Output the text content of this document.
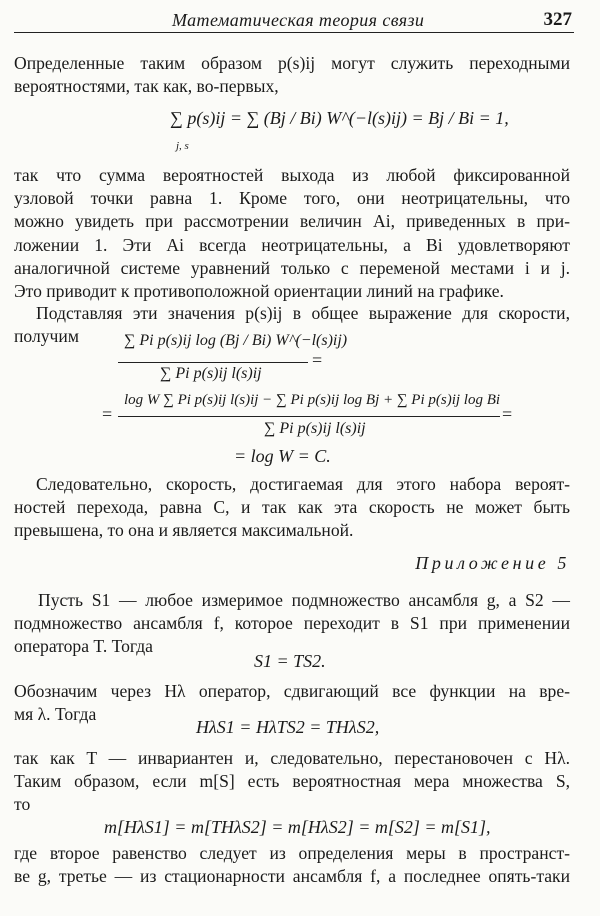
Математическая теория связи	327
Определенные таким образом p(s)ij могут служить переходными
вероятностями, так как, во-первых,
∑ p(s)ij = ∑ (Bj / Bi) W^(−l(s)ij) = Bj / Bi = 1,
j, s
так что сумма вероятностей выхода из любой фиксированной
узловой точки равна 1. Кроме того, они неотрицательны, что
можно увидеть при рассмотрении величин Ai, приведенных в при-
ложении 1. Эти Ai всегда неотрицательны, а Bi удовлетворяют
аналогичной системе уравнений только с переменой местами i и j.
Это приводит к противоположной ориентации линий на графике.
Подставляя эти значения p(s)ij в общее выражение для скорости,
получим	∑ Pi p(s)ij log (Bj / Bi) W^(−l(s)ij)
=
∑ Pi p(s)ij l(s)ij
log W ∑ Pi p(s)ij l(s)ij − ∑ Pi p(s)ij log Bj + ∑ Pi p(s)ij log Bi
=	=
∑ Pi p(s)ij l(s)ij
= log W = C.
Следовательно, скорость, достигаемая для этого набора вероят-
ностей перехода, равна C, и так как эта скорость не может быть
превышена, то она и является максимальной.
Приложение 5
Пусть S1 — любое измеримое подмножество ансамбля g, а S2 —
подмножество ансамбля f, которое переходит в S1 при применении
оператора T. Тогда
S1 = TS2.
Обозначим через Hλ оператор, сдвигающий все функции на вре-
мя λ. Тогда
HλS1 = HλTS2 = THλS2,
так как T — инвариантен и, следовательно, перестановочен с Hλ.
Таким образом, если m[S] есть вероятностная мера множества S,
то
m[HλS1] = m[THλS2] = m[HλS2] = m[S2] = m[S1],
где второе равенство следует из определения меры в пространст-
ве g, третье — из стационарности ансамбля f, а последнее опять-таки
